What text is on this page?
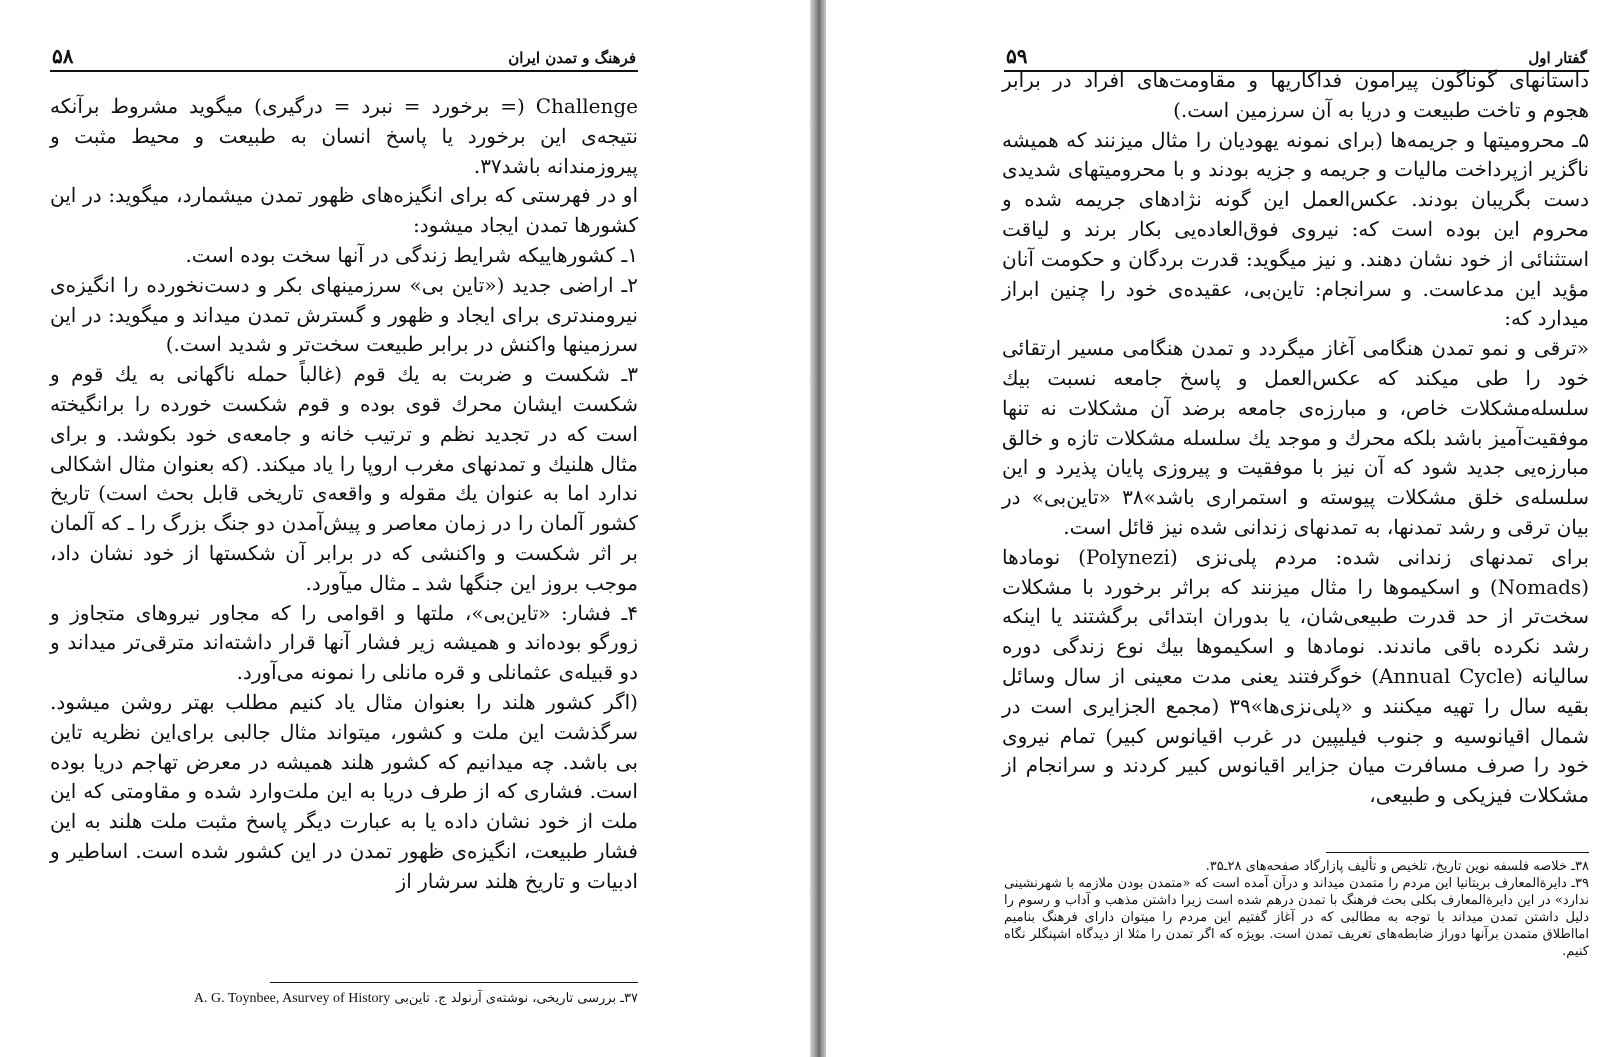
فرهنگ و تمدن ایران
۵۸

Challenge (= برخورد = نبرد = درگیری) میگوید مشروط برآنکه نتیجه‌ی این برخورد یا پاسخ انسان به طبیعت و محیط مثبت و پیروزمندانه باشد۳۷.

او در فهرستی که برای انگیزه‌های ظهور تمدن میشمارد، میگوید: در این کشورها تمدن ایجاد میشود:

۱ـ کشورهاییکه شرایط زندگی در آنها سخت بوده است.

۲ـ اراضی جدید («تاین بی» سرزمینهای بکر و دست‌نخورده را انگیزه‌ی نیرومندتری برای ایجاد و ظهور و گسترش تمدن میداند و میگوید: در این سرزمینها واکنش در برابر طبیعت سخت‌تر و شدید است.)

۳ـ شکست و ضربت به یك قوم (غالباً حمله ناگهانی به یك قوم و شکست ایشان محرك قوی بوده و قوم شکست خورده را برانگیخته است که در تجدید نظم و ترتیب خانه و جامعه‌ی خود بکوشد. و برای مثال هلنیك و تمدنهای مغرب اروپا را یاد میکند. (که بعنوان مثال اشکالی ندارد اما به عنوان یك مقوله و واقعه‌ی تاریخی قابل بحث است) تاریخ کشور آلمان را در زمان معاصر و پیش‌آمدن دو جنگ بزرگ را ـ که آلمان بر اثر شکست و واکنشی که در برابر آن شکستها از خود نشان داد، موجب بروز این جنگها شد ـ مثال میآورد.

۴ـ فشار: «تاین‌بی»، ملتها و اقوامی را که مجاور نیروهای متجاوز و زورگو بوده‌اند و همیشه زیر فشار آنها قرار داشته‌اند مترقی‌تر میداند و دو قبیله‌ی عثمانلی و قره مانلی را نمونه می‌آورد.

(اگر کشور هلند را بعنوان مثال یاد کنیم مطلب بهتر روشن میشود. سرگذشت این ملت و کشور، میتواند مثال جالبی برای‌این نظریه تاین بی باشد. چه میدانیم که کشور هلند همیشه در معرض تهاجم دریا بوده است. فشاری که از طرف دریا به این ملت‌وارد شده و مقاومتی که این ملت از خود نشان داده یا به عبارت دیگر پاسخ مثبت ملت هلند به این فشار طبیعت، انگیزه‌ی ظهور تمدن در این کشور شده است. اساطیر و ادبیات و تاریخ هلند سرشار از

۳۷ـ بررسی تاریخی، نوشته‌ی آرنولد ج. تاین‌بی A. G. Toynbee, Asurvey of History

گفتار اول
۵۹

داستانهای گوناگون پیرامون فداکاریها و مقاومت‌های افراد در برابر هجوم و تاخت طبیعت و دریا به آن سرزمین است.)

۵ـ محرومیتها و جریمه‌ها (برای نمونه یهودیان را مثال میزنند که همیشه ناگزیر ازپرداخت مالیات و جریمه و جزیه بودند و با محرومیتهای شدیدی دست بگریبان بودند. عکس‌العمل این گونه نژادهای جریمه شده و محروم این بوده است که: نیروی فوق‌العاده‌یی بکار برند و لیاقت استثنائی از خود نشان دهند. و نیز میگوید: قدرت بردگان و حکومت آنان مؤید این مدعاست. و سرانجام: تاین‌بی، عقیده‌ی خود را چنین ابراز میدارد که:

«ترقی و نمو تمدن هنگامی آغاز میگردد و تمدن هنگامی مسیر ارتقائی خود را طی میکند که عکس‌العمل و پاسخ جامعه نسبت بیك سلسله‌مشکلات خاص، و مبارزه‌ی جامعه برضد آن مشکلات نه تنها موفقیت‌آمیز باشد بلکه محرك و موجد یك سلسله مشکلات تازه و خالق مبارزه‌یی جدید شود که آن نیز با موفقیت و پیروزی پایان پذیرد و این سلسله‌ی خلق مشکلات پیوسته و استمراری باشد»۳۸ «تاین‌بی» در بیان ترقی و رشد تمدنها، به تمدنهای زندانی شده نیز قائل است.

برای تمدنهای زندانی شده: مردم پلی‌نزی (Polynezi) نومادها (Nomads) و اسکیموها را مثال میزنند که براثر برخورد با مشکلات سخت‌تر از حد قدرت طبیعی‌شان، یا بدوران ابتدائی برگشتند یا اینکه رشد نکرده باقی ماندند. نومادها و اسکیموها بیك نوع زندگی دوره سالیانه (Annual Cycle) خوگرفتند یعنی مدت معینی از سال وسائل بقیه سال را تهیه میکنند و «پلی‌نزی‌ها»۳۹ (مجمع الجزایری است در شمال اقیانوسیه و جنوب فیلیپین در غرب اقیانوس کبیر) تمام نیروی خود را صرف مسافرت میان جزایر اقیانوس کبیر کردند و سرانجام از مشکلات فیزیکی و طبیعی،

۳۸ـ خلاصه فلسفه نوین تاریخ، تلخیص و تألیف پازارگاد صفحه‌های ۲۸ـ۳۵.

۳۹ـ دایرةالمعارف بریتانیا این مردم را متمدن میداند و درآن آمده است که «متمدن بودن ملازمه با شهرنشینی ندارد» در این دایرةالمعارف بکلی بحث فرهنگ با تمدن درهم شده است زیرا داشتن مذهب و آداب و رسوم را دلیل داشتن تمدن میداند با توجه به مطالبی که در آغاز گفتیم این مردم را میتوان دارای فرهنگ بنامیم امااطلاق متمدن برآنها دوراز ضابطه‌های تعریف تمدن است. بویژه که اگر تمدن را مثلا از دیدگاه اشپنگلر نگاه کنیم.
